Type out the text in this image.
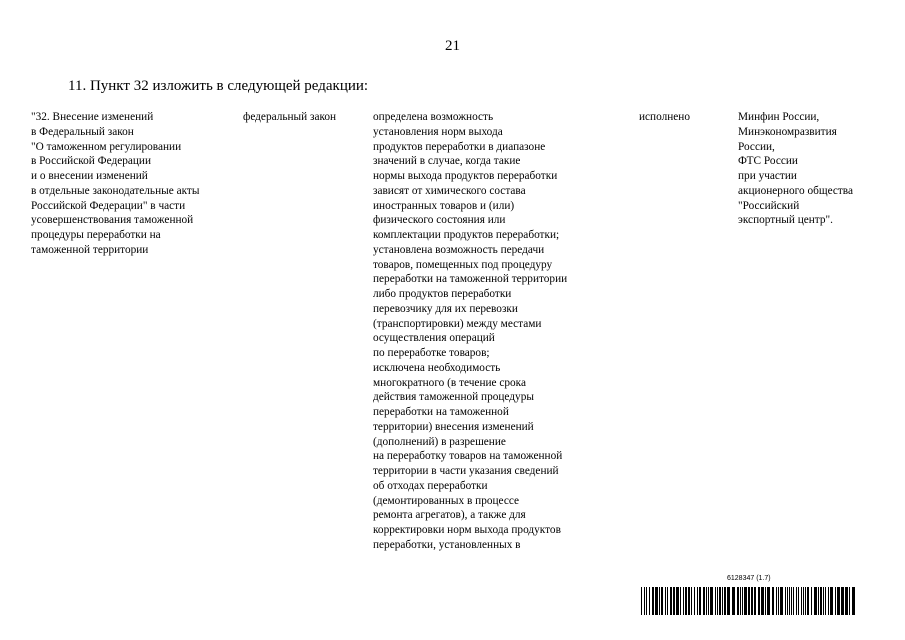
21
11. Пункт 32 изложить в следующей редакции:
"32. Внесение изменений
в Федеральный закон
"О таможенном регулировании
в Российской Федерации
и о внесении изменений
в отдельные законодательные акты
Российской Федерации" в части
усовершенствования таможенной
процедуры переработки на
таможенной территории
федеральный закон	определена возможность
установления норм выхода
продуктов переработки в диапазоне
значений в случае, когда такие
нормы выхода продуктов переработки
зависят от химического состава
иностранных товаров и (или)
физического состояния или
комплектации продуктов переработки;
установлена возможность передачи
товаров, помещенных под процедуру
переработки на таможенной территории
либо продуктов переработки
перевозчику для их перевозки
(транспортировки) между местами
осуществления операций
по переработке товаров;
исключена необходимость
многократного (в течение срока
действия таможенной процедуры
переработки на таможенной
территории) внесения изменений
(дополнений) в разрешение
на переработку товаров на таможенной
территории в части указания сведений
об отходах переработки
(демонтированных в процессе
ремонта агрегатов), а также для
корректировки норм выхода продуктов
переработки, установленных в
исполнено	Минфин России,
Минэкономразвития
России,
ФТС России
при участии
акционерного общества
"Российский
экспортный центр".
6128347 (1.7)
